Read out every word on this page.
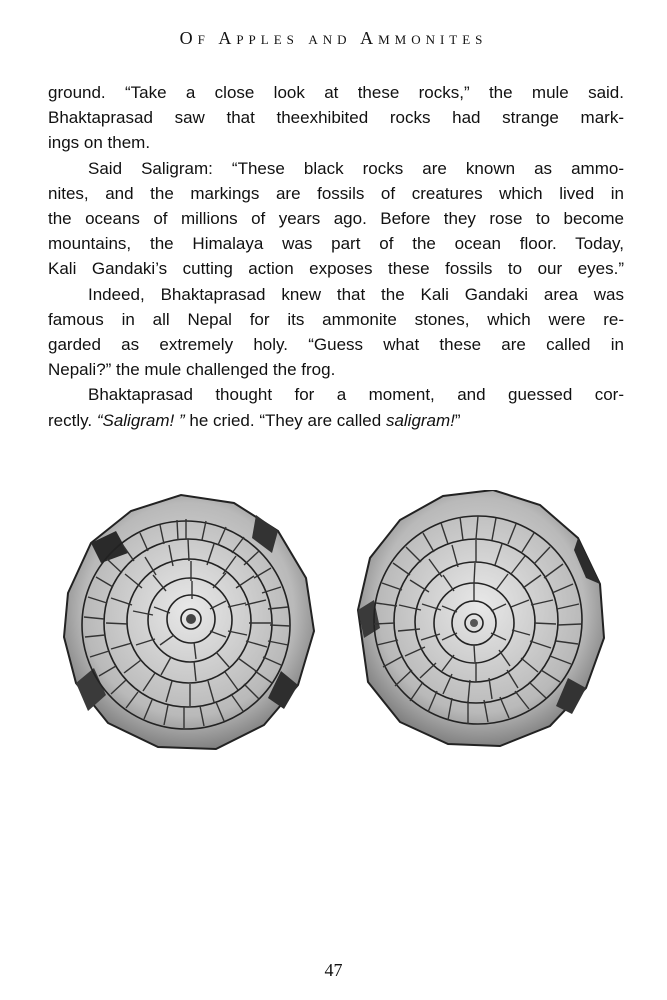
Of Apples and Ammonites
ground. “Take a close look at these rocks,” the mule said.
Bhaktaprasad saw that theexhibited rocks had strange mark-
ings on them.
Said Saligram: “These black rocks are known as ammo-
nites, and the markings are fossils of creatures which lived in
the oceans of millions of years ago. Before they rose to become
mountains, the Himalaya was part of the ocean floor. Today,
Kali Gandaki’s cutting action exposes these fossils to our eyes.”
Indeed, Bhaktaprasad knew that the Kali Gandaki area was
famous in all Nepal for its ammonite stones, which were re-
garded as extremely holy. “Guess what these are called in
Nepali?” the mule challenged the frog.
Bhaktaprasad thought for a moment, and guessed cor-
rectly. “Saligram! ” he cried. “They are called saligram!”
47
